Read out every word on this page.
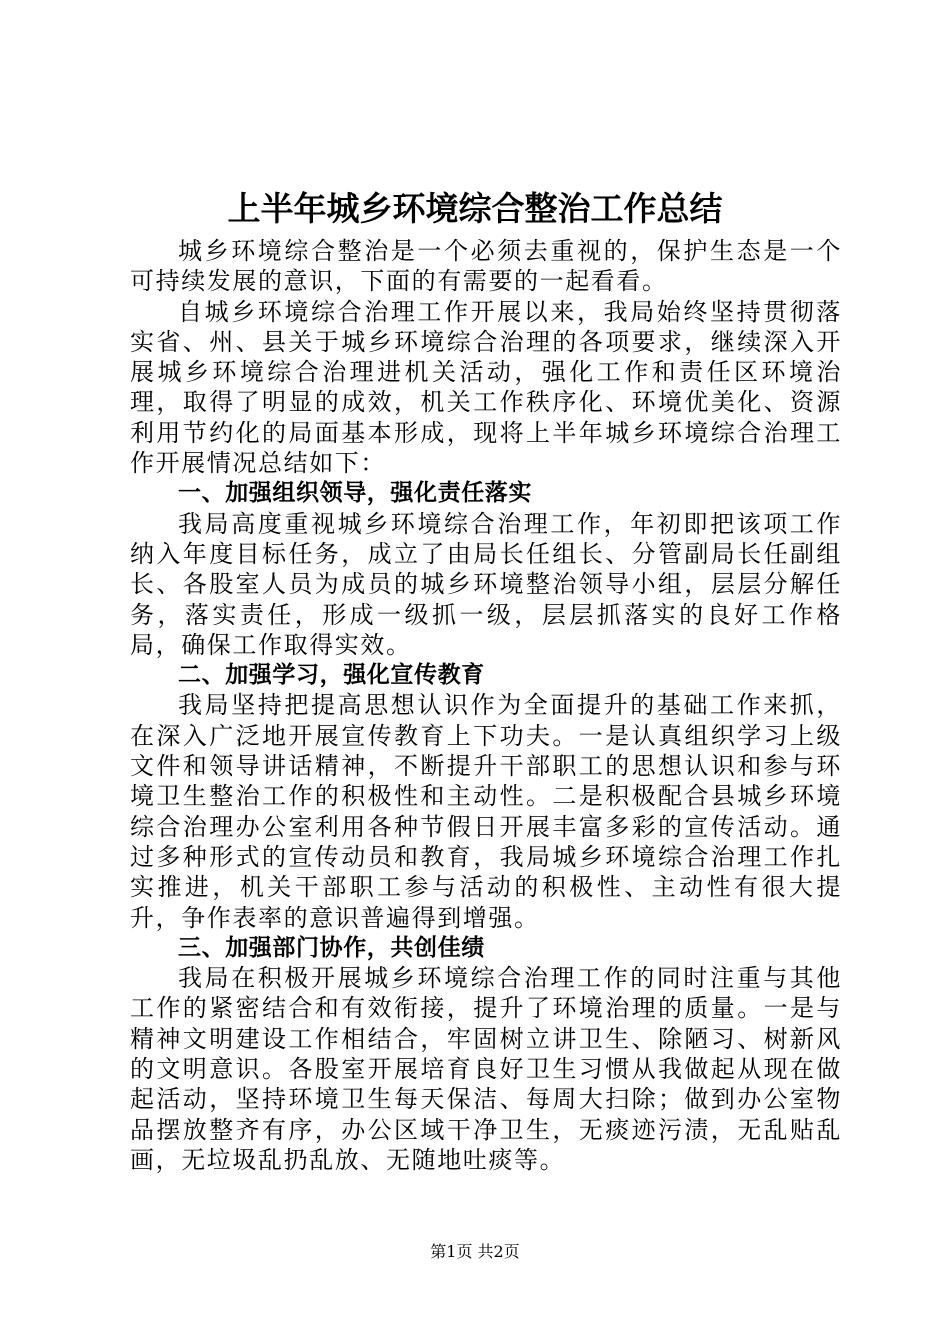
上半年城乡环境综合整治工作总结

城乡环境综合整治是一个必须去重视的，保护生态是一个可持续发展的意识，下面的有需要的一起看看。

自城乡环境综合治理工作开展以来，我局始终坚持贯彻落实省、州、县关于城乡环境综合治理的各项要求，继续深入开展城乡环境综合治理进机关活动，强化工作和责任区环境治理，取得了明显的成效，机关工作秩序化、环境优美化、资源利用节约化的局面基本形成，现将上半年城乡环境综合治理工作开展情况总结如下：

一、加强组织领导，强化责任落实

我局高度重视城乡环境综合治理工作，年初即把该项工作纳入年度目标任务，成立了由局长任组长、分管副局长任副组长、各股室人员为成员的城乡环境整治领导小组，层层分解任务，落实责任，形成一级抓一级，层层抓落实的良好工作格局，确保工作取得实效。

二、加强学习，强化宣传教育

我局坚持把提高思想认识作为全面提升的基础工作来抓，在深入广泛地开展宣传教育上下功夫。一是认真组织学习上级文件和领导讲话精神，不断提升干部职工的思想认识和参与环境卫生整治工作的积极性和主动性。二是积极配合县城乡环境综合治理办公室利用各种节假日开展丰富多彩的宣传活动。通过多种形式的宣传动员和教育，我局城乡环境综合治理工作扎实推进，机关干部职工参与活动的积极性、主动性有很大提升，争作表率的意识普遍得到增强。

三、加强部门协作，共创佳绩

我局在积极开展城乡环境综合治理工作的同时注重与其他工作的紧密结合和有效衔接，提升了环境治理的质量。一是与精神文明建设工作相结合，牢固树立讲卫生、除陋习、树新风的文明意识。各股室开展培育良好卫生习惯从我做起从现在做起活动，坚持环境卫生每天保洁、每周大扫除；做到办公室物品摆放整齐有序，办公区域干净卫生，无痰迹污渍，无乱贴乱画，无垃圾乱扔乱放、无随地吐痰等。

第1页 共2页
